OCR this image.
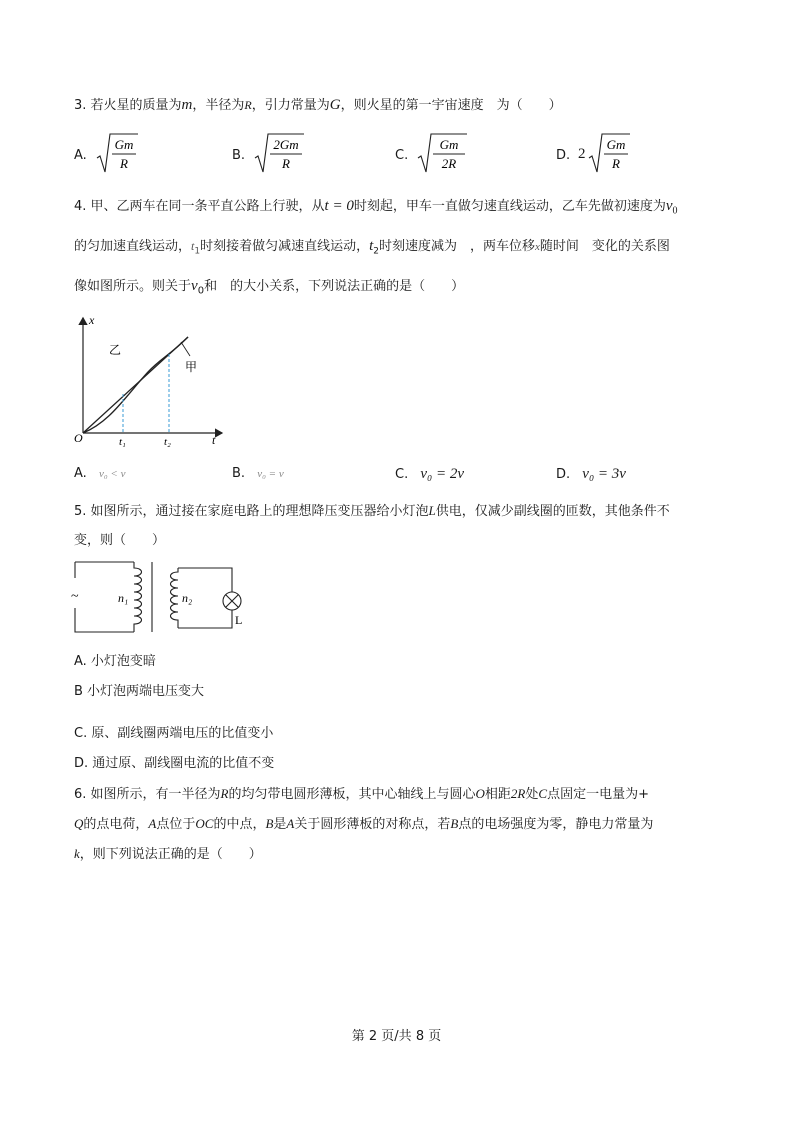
3. 若火星的质量为m，半径为R，引力常量为G，则火星的第一宇宙速度　为（　　）
A.
Gm
R
B.
2Gm
R
C.
Gm
2R
D. 2
Gm
R
4. 甲、乙两车在同一条平直公路上行驶，从t = 0时刻起，甲车一直做匀速直线运动，乙车先做初速度为$v_0$
的匀加速直线运动，$t_1$时刻接着做匀减速直线运动，$t_2$时刻速度减为　，两车位移x随时间　变化的关系图
像如图所示。则关于$v_0$和　的大小关系，下列说法正确的是（　　）
x
t
O	t₁	t₂
乙
甲
A. v₀ < v	B. v₀ = v	C. v₀ = 2v	D. v₀ = 3v
5. 如图所示，通过接在家庭电路上的理想降压变压器给小灯泡L供电，仅减少副线圈的匝数，其他条件不
变，则（　　）
~	n₁	n₂
L
A. 小灯泡变暗
B 小灯泡两端电压变大
C. 原、副线圈两端电压的比值变小
D. 通过原、副线圈电流的比值不变
6. 如图所示，有一半径为R的均匀带电圆形薄板，其中心轴线上与圆心O相距2R处C点固定一电量为+
Q的点电荷，A点位于OC的中点，B是A关于圆形薄板的对称点，若B点的电场强度为零，静电力常量为
k，则下列说法正确的是（　　）
第 2 页/共 8 页
